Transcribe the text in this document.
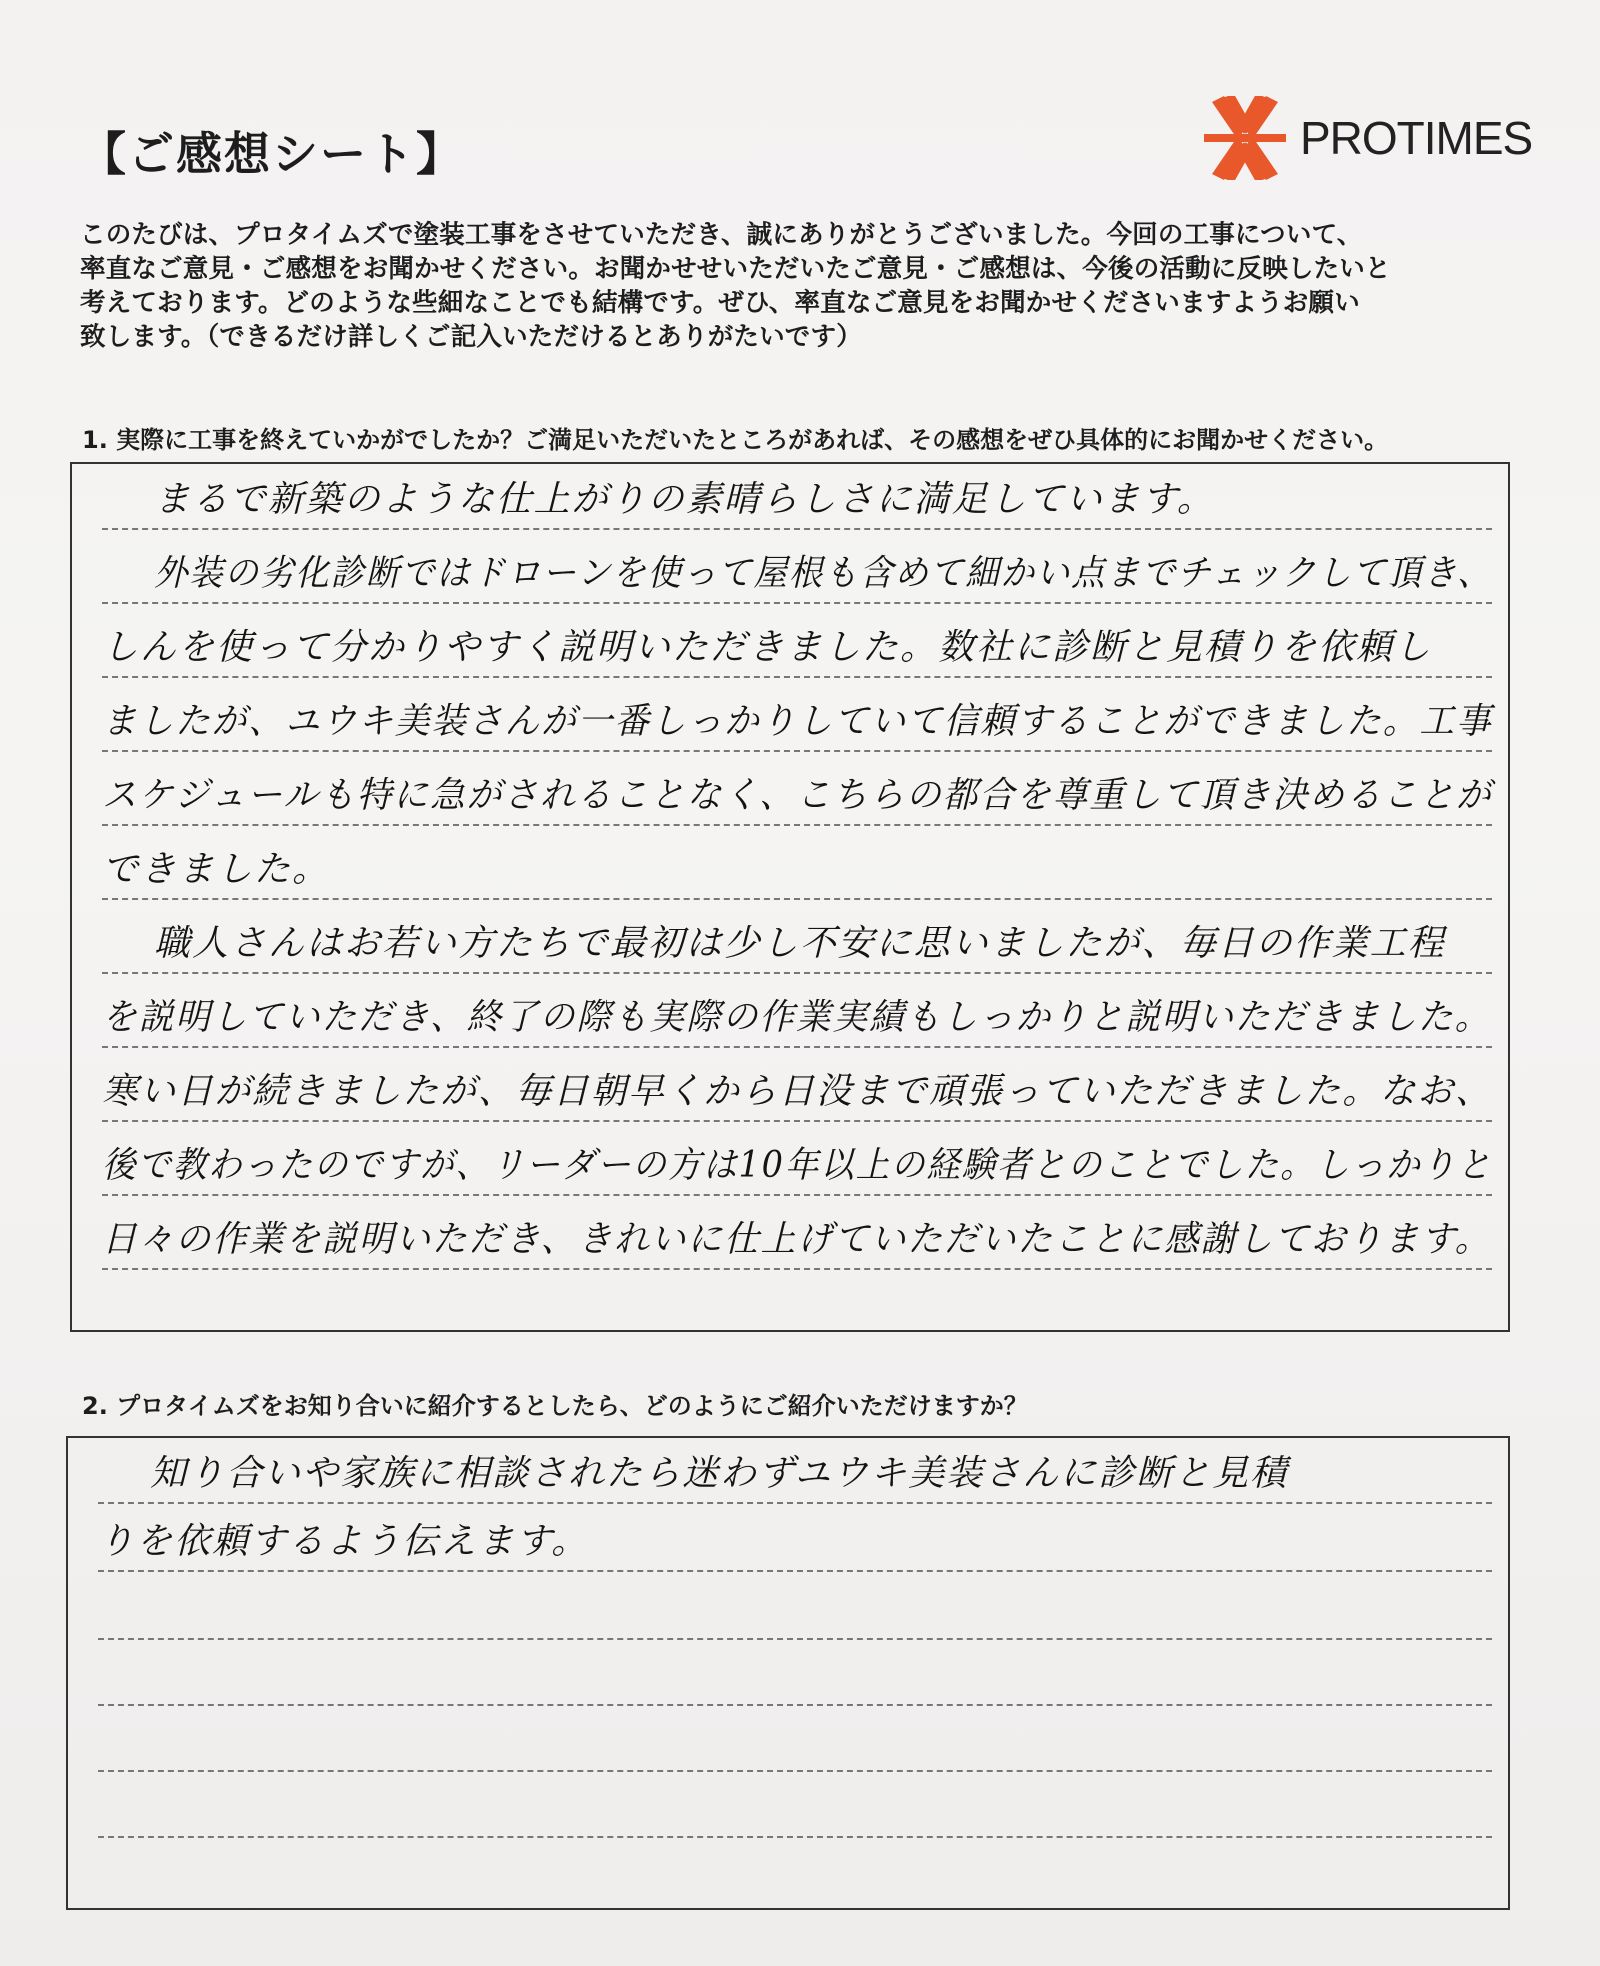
【ご感想シート】	PROTIMES
このたびは、プロタイムズで塗装工事をさせていただき、誠にありがとうございました。今回の工事について、
率直なご意見・ご感想をお聞かせください。お聞かせせいただいたご意見・ご感想は、今後の活動に反映したいと
考えております。どのような些細なことでも結構です。ぜひ、率直なご意見をお聞かせくださいますようお願い
致します。（できるだけ詳しくご記入いただけるとありがたいです）
1. 実際に工事を終えていかがでしたか？ご満足いただいたところがあれば、その感想をぜひ具体的にお聞かせください。
まるで新築のような仕上がりの素晴らしさに満足しています。
外装の劣化診断ではドローンを使って屋根も含めて細かい点までチェックして頂き、
しんを使って分かりやすく説明いただきました。数社に診断と見積りを依頼し
ましたが、ユウキ美装さんが一番しっかりしていて信頼することができました。工事
スケジュールも特に急がされることなく、こちらの都合を尊重して頂き決めることが
できました。
職人さんはお若い方たちで最初は少し不安に思いましたが、毎日の作業工程
を説明していただき、終了の際も実際の作業実績もしっかりと説明いただきました。
寒い日が続きましたが、毎日朝早くから日没まで頑張っていただきました。なお、
後で教わったのですが、リーダーの方は10年以上の経験者とのことでした。しっかりと
日々の作業を説明いただき、きれいに仕上げていただいたことに感謝しております。
2. プロタイムズをお知り合いに紹介するとしたら、どのようにご紹介いただけますか？
知り合いや家族に相談されたら迷わずユウキ美装さんに診断と見積
りを依頼するよう伝えます。
